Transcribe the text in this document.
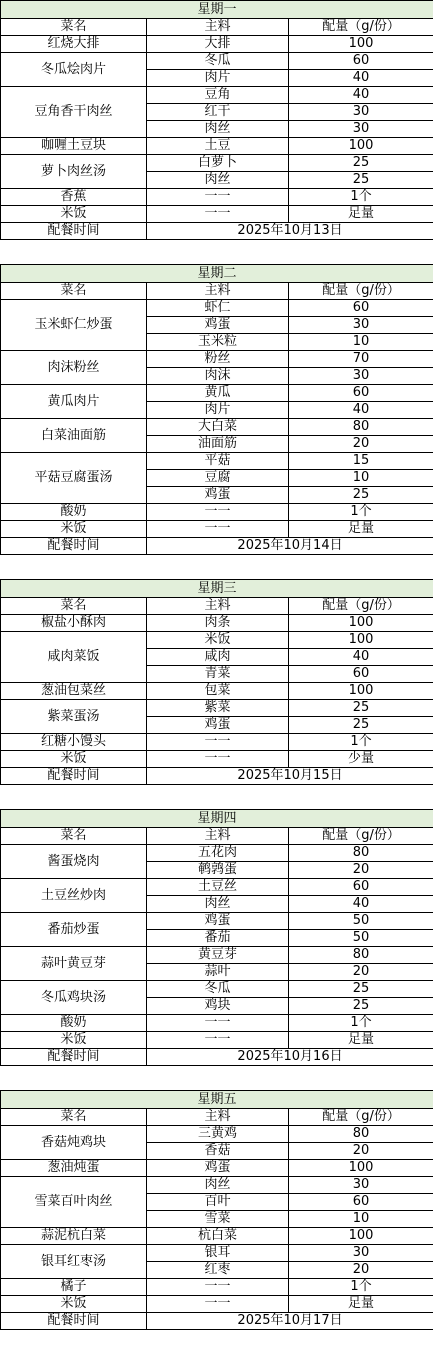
星期一		
菜名	主料	配量（g/份）
红烧大排	大排	100
冬瓜烩肉片	冬瓜	60
	肉片	40
豆角香干肉丝	豆角	40
	红干	30
	肉丝	30
咖喱土豆块	土豆	100
萝卜肉丝汤	白萝卜	25
	肉丝	25
香蕉	一一	1个
米饭	一一	足量
配餐时间	2025年10月13日	
星期二		
菜名	主料	配量（g/份）
玉米虾仁炒蛋	虾仁	60
	鸡蛋	30
	玉米粒	10
肉沫粉丝	粉丝	70
	肉沫	30
黄瓜肉片	黄瓜	60
	肉片	40
白菜油面筋	大白菜	80
	油面筋	20
平菇豆腐蛋汤	平菇	15
	豆腐	10
	鸡蛋	25
酸奶	一一	1个
米饭	一一	足量
配餐时间	2025年10月14日	
星期三		
菜名	主料	配量（g/份）
椒盐小酥肉	肉条	100
咸肉菜饭	米饭	100
	咸肉	40
	青菜	60
葱油包菜丝	包菜	100
紫菜蛋汤	紫菜	25
	鸡蛋	25
红糖小馒头	一一	1个
米饭	一一	少量
配餐时间	2025年10月15日	
星期四		
菜名	主料	配量（g/份）
酱蛋烧肉	五花肉	80
	鹌鹑蛋	20
土豆丝炒肉	土豆丝	60
	肉丝	40
番茄炒蛋	鸡蛋	50
	番茄	50
蒜叶黄豆芽	黄豆芽	80
	蒜叶	20
冬瓜鸡块汤	冬瓜	25
	鸡块	25
酸奶	一一	1个
米饭	一一	足量
配餐时间	2025年10月16日	
星期五		
菜名	主料	配量（g/份）
香菇炖鸡块	三黄鸡	80
	香菇	20
葱油炖蛋	鸡蛋	100
雪菜百叶肉丝	肉丝	30
	百叶	60
	雪菜	10
蒜泥杭白菜	杭白菜	100
银耳红枣汤	银耳	30
	红枣	20
橘子	一一	1个
米饭	一一	足量
配餐时间	2025年10月17日	
